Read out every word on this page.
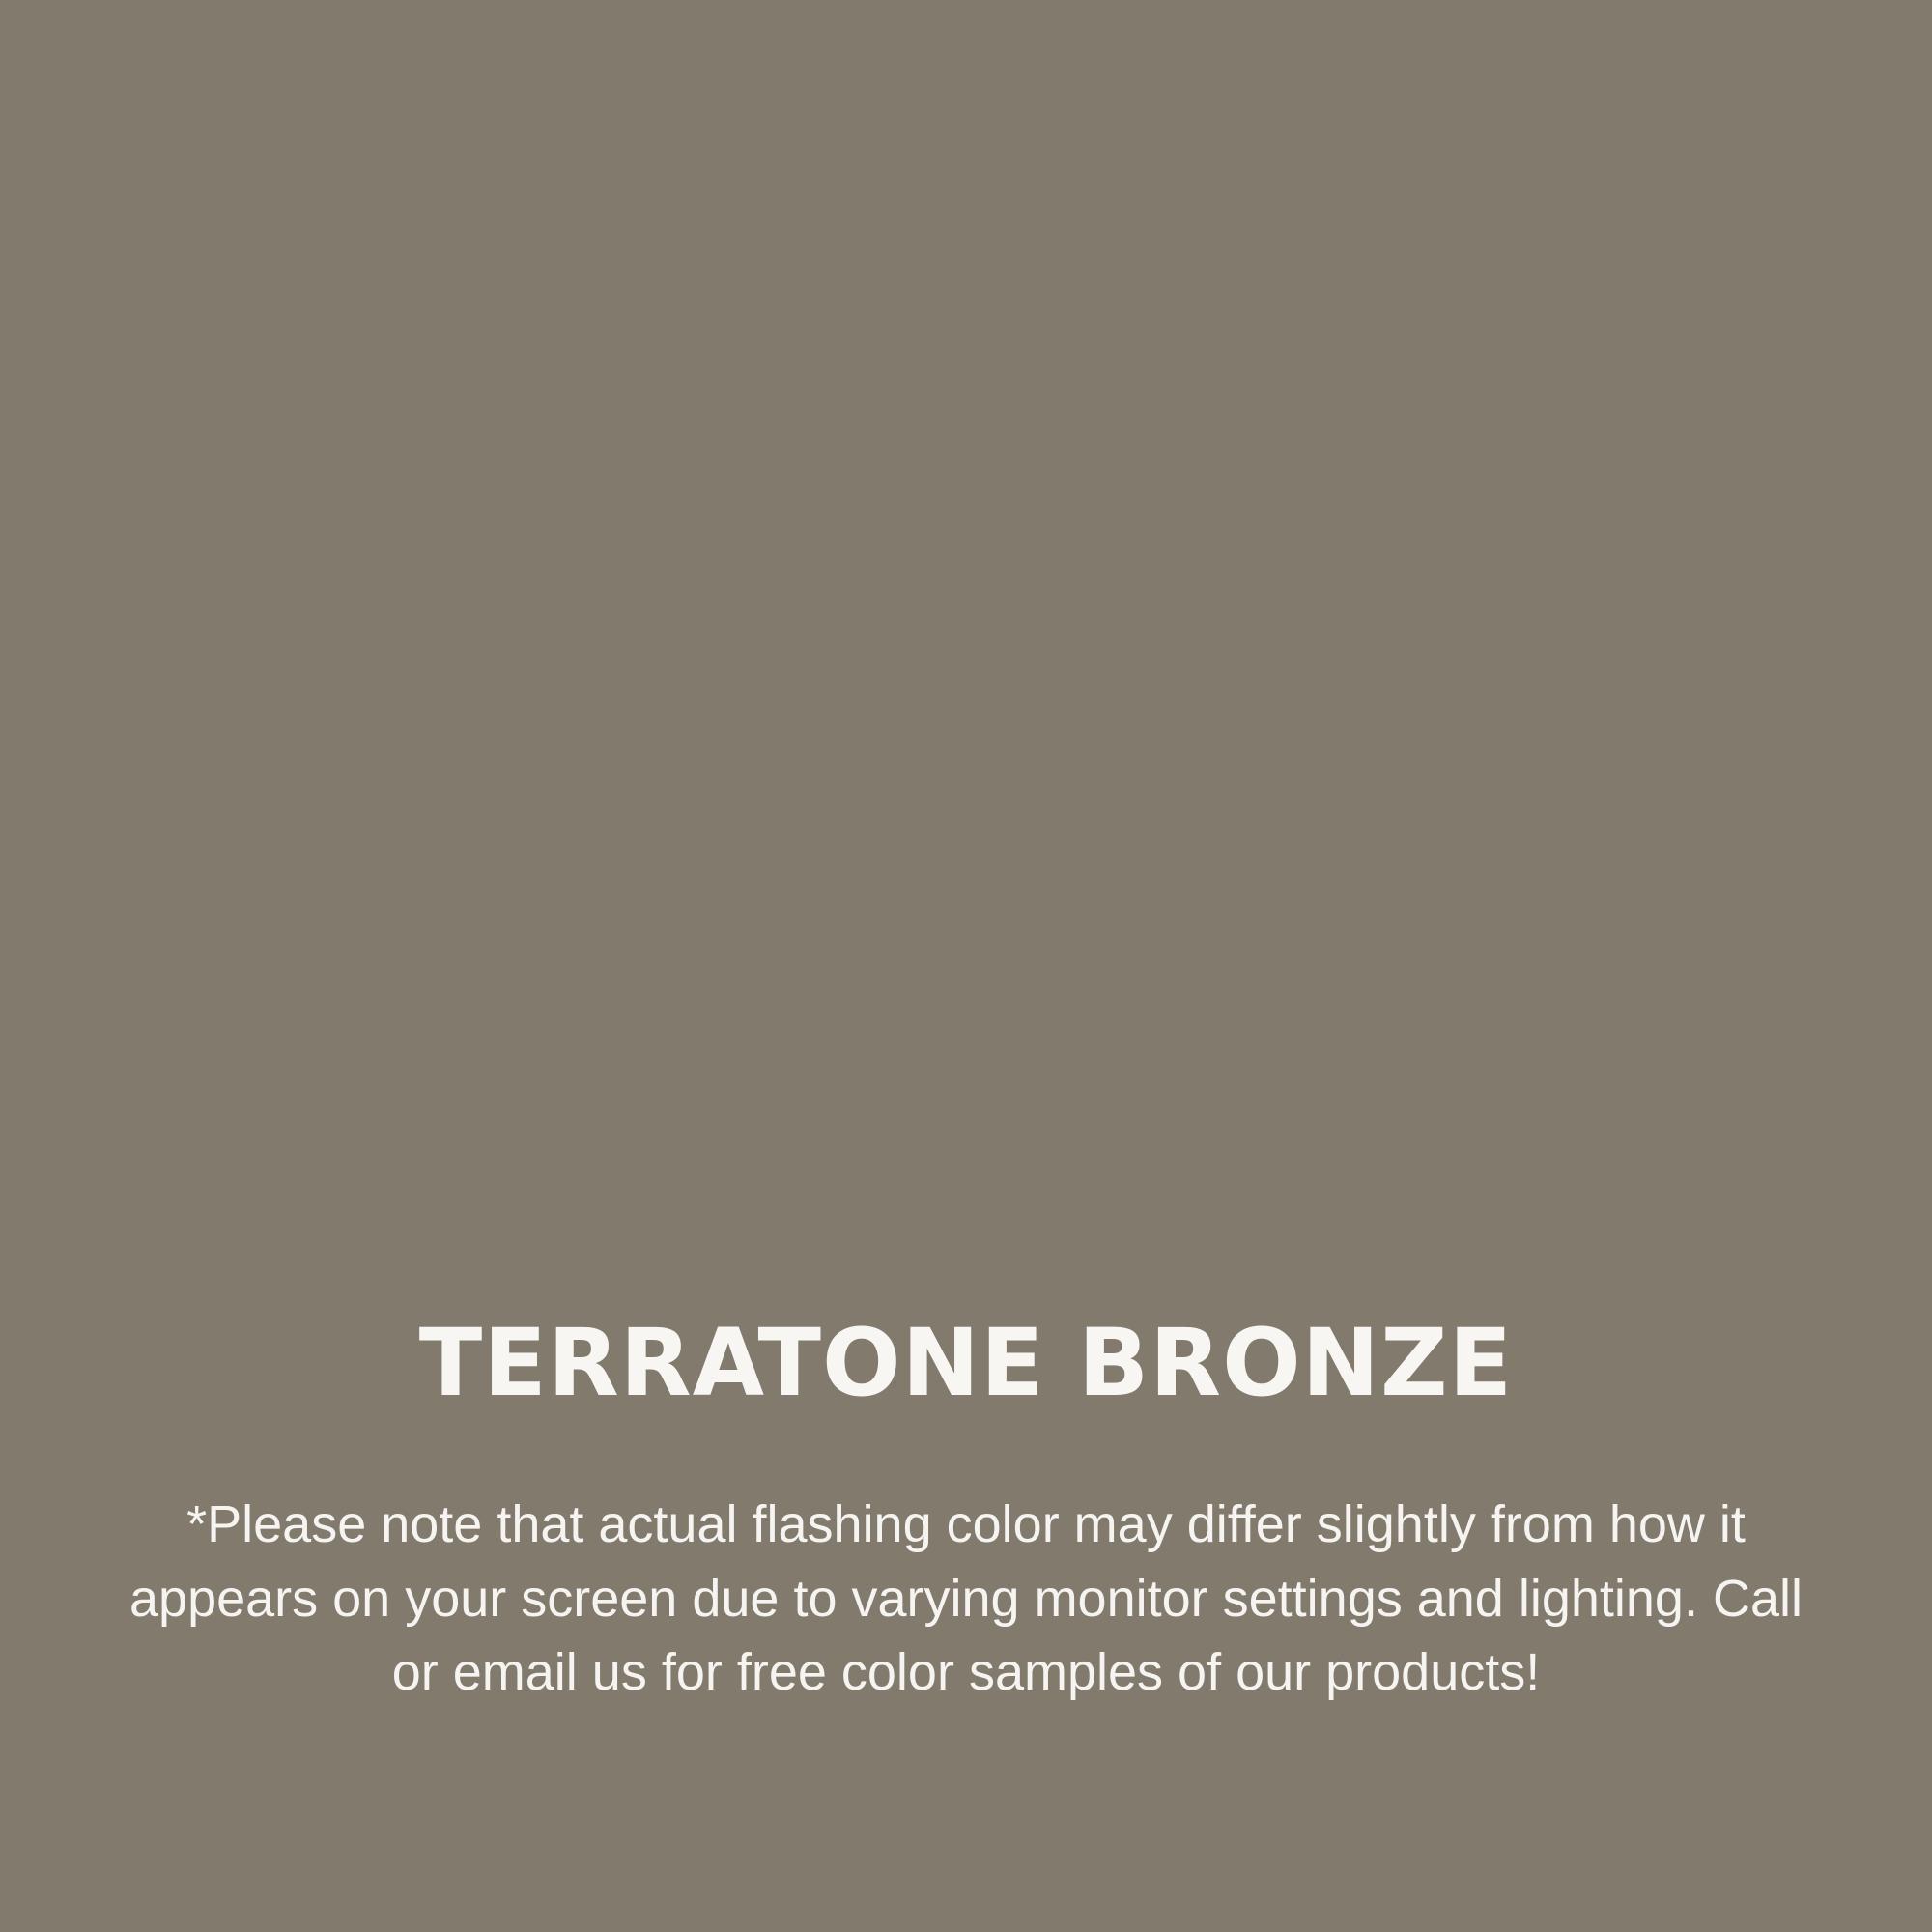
TERRATONE BRONZE

*Please note that actual flashing color may differ slightly from how it appears on your screen due to varying monitor settings and lighting. Call or email us for free color samples of our products!
